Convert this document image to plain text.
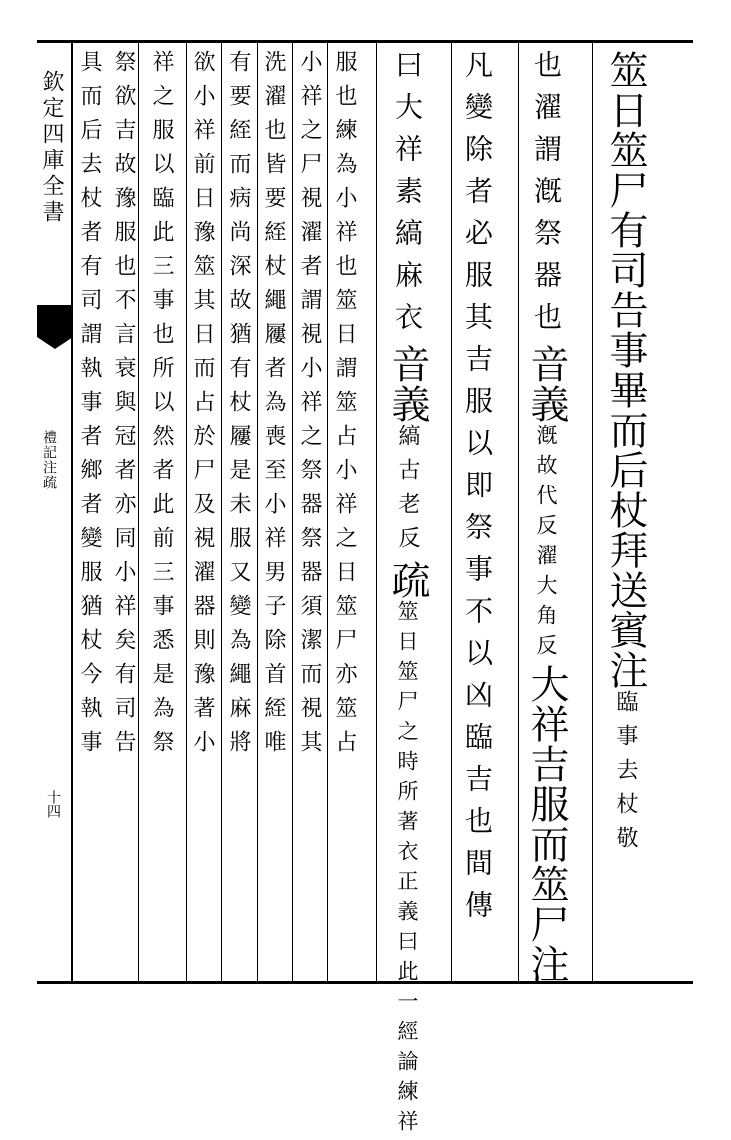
欽定四庫全書
禮記注疏
十四
筮日筮尸有司告事畢而后杖拜送賓注臨事去杖敬
也濯謂漑祭器也音義
濯大角反
漑故代反
大祥吉服而筮尸注
凡變除者必服其吉服以即祭事不以凶臨吉也間傳
曰大祥素縞麻衣音義縞古老反疏
正義曰此一經論練祥
筮日筮尸之時所著衣
服也練為小祥也筮日謂筮占小祥之日筮尸亦筮占
小祥之尸視濯者謂視小祥之祭器祭器須潔而視其
洗濯也皆要絰杖繩屨者為喪至小祥男子除首絰唯
有要絰而病尚深故猶有杖屨是未服又變為繩麻將
欲小祥前日豫筮其日而占於尸及視濯器則豫著小
祥之服以臨此三事也所以然者此前三事悉是為祭
祭欲吉故豫服也不言衰與冠者亦同小祥矣有司告
具而后去杖者有司謂執事者鄉者變服猶杖今執事
